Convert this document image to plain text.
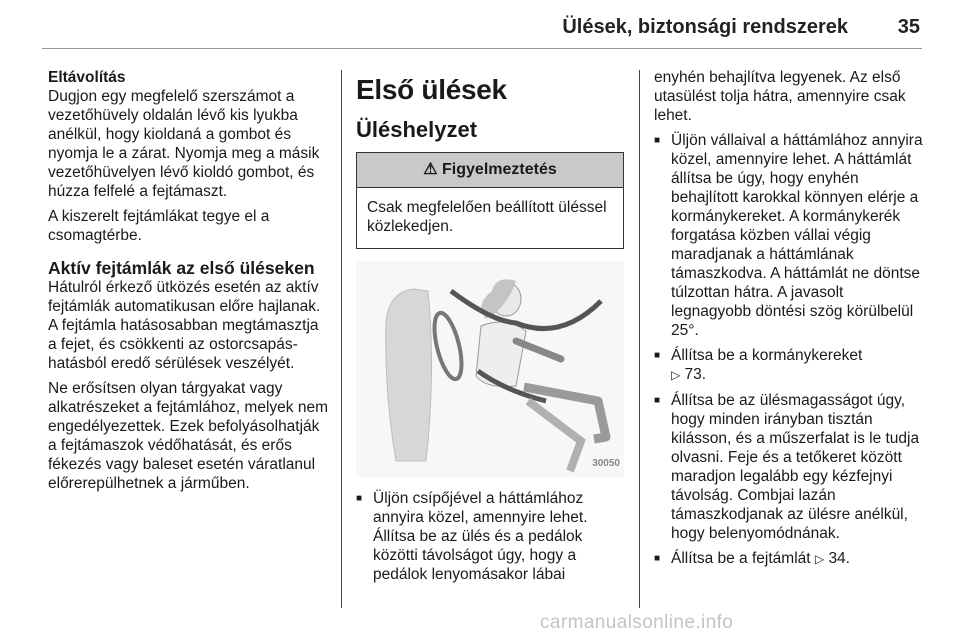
Ülések, biztonsági rendszerek 35
Eltávolítás

Dugjon egy megfelelő szerszámot a vezetőhüvely oldalán lévő kis lyukba anélkül, hogy kioldaná a gombot és nyomja le a zárat. Nyomja meg a másik vezetőhüvelyen lévő kioldó gombot, és húzza felfelé a fejtámaszt.

A kiszerelt fejtámlákat tegye el a csomagtérbe.

Aktív fejtámlák az első üléseken

Hátulról érkező ütközés esetén az aktív fejtámlák automatikusan előre hajlanak. A fejtámla hatásosabban megtámasztja a fejet, és csökkenti az ostorcsapás-hatásból eredő sérülések veszélyét.

Ne erősítsen olyan tárgyakat vagy alkatrészeket a fejtámlához, melyek nem engedélyezettek. Ezek befolyásolhatják a fejtámaszok védőhatását, és erős fékezés vagy baleset esetén váratlanul előrerepülhetnek a járműben.

Első ülések
Üléshelyzet
⚠ Figyelmeztetés
Csak megfelelően beállított üléssel közlekedjen.
30050
■ Üljön csípőjével a háttámlához annyira közel, amennyire lehet. Állítsa be az ülés és a pedálok közötti távolságot úgy, hogy a pedálok lenyomásakor lábai

enyhén behajlítva legyenek. Az első utasülést tolja hátra, amennyire csak lehet.

■ Üljön vállaival a háttámlához annyira közel, amennyire lehet. A háttámlát állítsa be úgy, hogy enyhén behajlított karokkal könnyen elérje a kormánykereket. A kormánykerék forgatása közben vállai végig maradjanak a háttámlának támaszkodva. A háttámlát ne döntse túlzottan hátra. A javasolt legnagyobb döntési szög körülbelül 25°.
■ Állítsa be a kormánykereket
▷ 73.
■ Állítsa be az ülésmagasságot úgy, hogy minden irányban tisztán kilásson, és a műszerfalat is le tudja olvasni. Feje és a tetőkeret között maradjon legalább egy kézfejnyi távolság. Combjai lazán támaszkodjanak az ülésre anélkül, hogy belenyomódnának.
■ Állítsa be a fejtámlát ▷ 34.
carmanualsonline.info
